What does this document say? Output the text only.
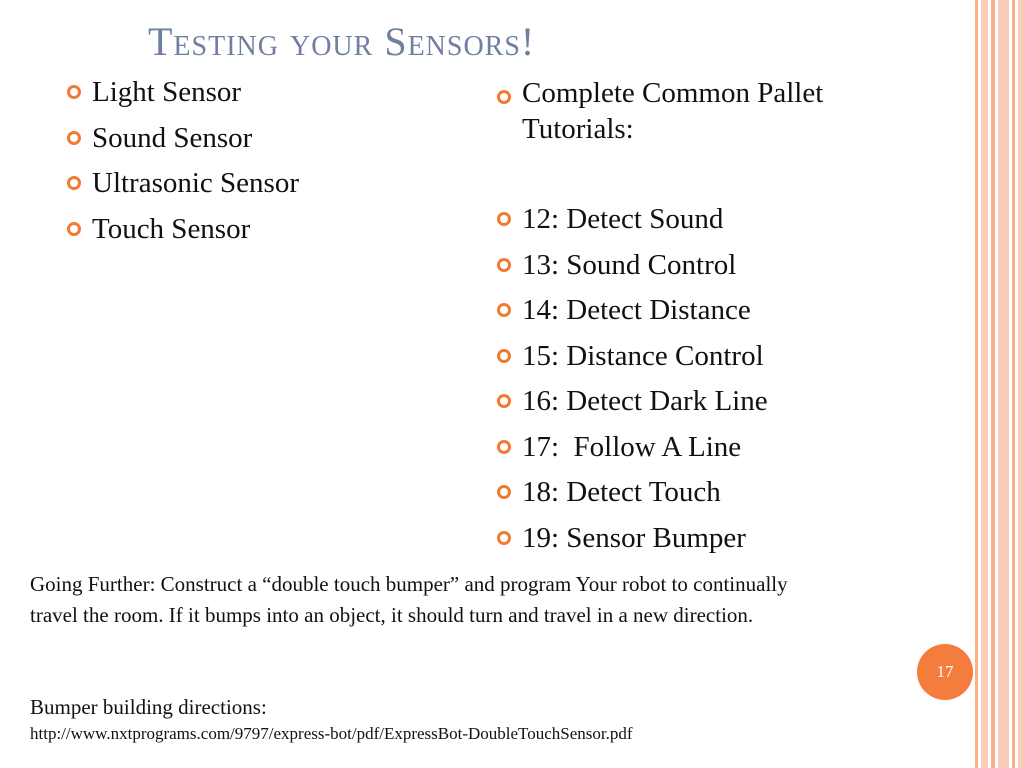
Testing your Sensors!
Light Sensor
Sound Sensor
Ultrasonic Sensor
Touch Sensor
Complete Common Pallet Tutorials:
12: Detect Sound
13: Sound Control
14: Detect Distance
15: Distance Control
16: Detect Dark Line
17:  Follow A Line
18: Detect Touch
19: Sensor Bumper

Going Further: Construct a “double touch bumper” and program Your robot to continually travel the room. If it bumps into an object, it should turn and travel in a new direction.

Bumper building directions:

http://www.nxtprograms.com/9797/express-bot/pdf/ExpressBot-DoubleTouchSensor.pdf

17
